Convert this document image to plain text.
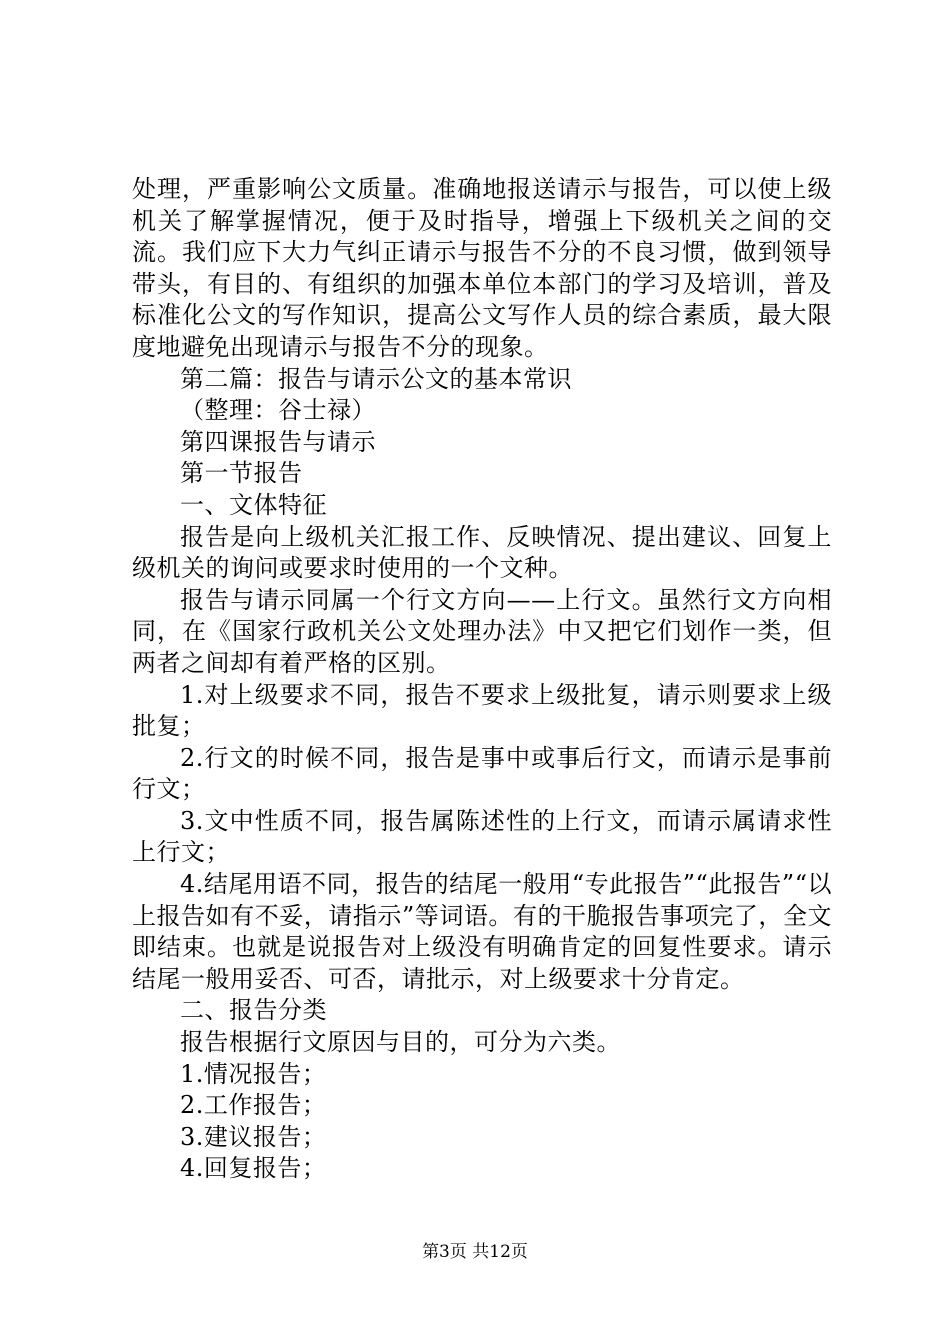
处理，严重影响公文质量。准确地报送请示与报告，可以使上级机关了解掌握情况，便于及时指导，增强上下级机关之间的交流。我们应下大力气纠正请示与报告不分的不良习惯，做到领导带头，有目的、有组织的加强本单位本部门的学习及培训，普及标准化公文的写作知识，提高公文写作人员的综合素质，最大限度地避免出现请示与报告不分的现象。

第二篇：报告与请示公文的基本常识

（整理：谷士禄）

第四课报告与请示

第一节报告

一、文体特征

报告是向上级机关汇报工作、反映情况、提出建议、回复上级机关的询问或要求时使用的一个文种。

报告与请示同属一个行文方向——上行文。虽然行文方向相同，在《国家行政机关公文处理办法》中又把它们划作一类，但两者之间却有着严格的区别。

1.对上级要求不同，报告不要求上级批复，请示则要求上级批复；

2.行文的时候不同，报告是事中或事后行文，而请示是事前行文；

3.文中性质不同，报告属陈述性的上行文，而请示属请求性上行文；

4.结尾用语不同，报告的结尾一般用“专此报告”“此报告”“以上报告如有不妥，请指示”等词语。有的干脆报告事项完了，全文即结束。也就是说报告对上级没有明确肯定的回复性要求。请示结尾一般用妥否、可否，请批示，对上级要求十分肯定。

二、报告分类

报告根据行文原因与目的，可分为六类。

1.情况报告；

2.工作报告；

3.建议报告；

4.回复报告；

第3页 共12页
